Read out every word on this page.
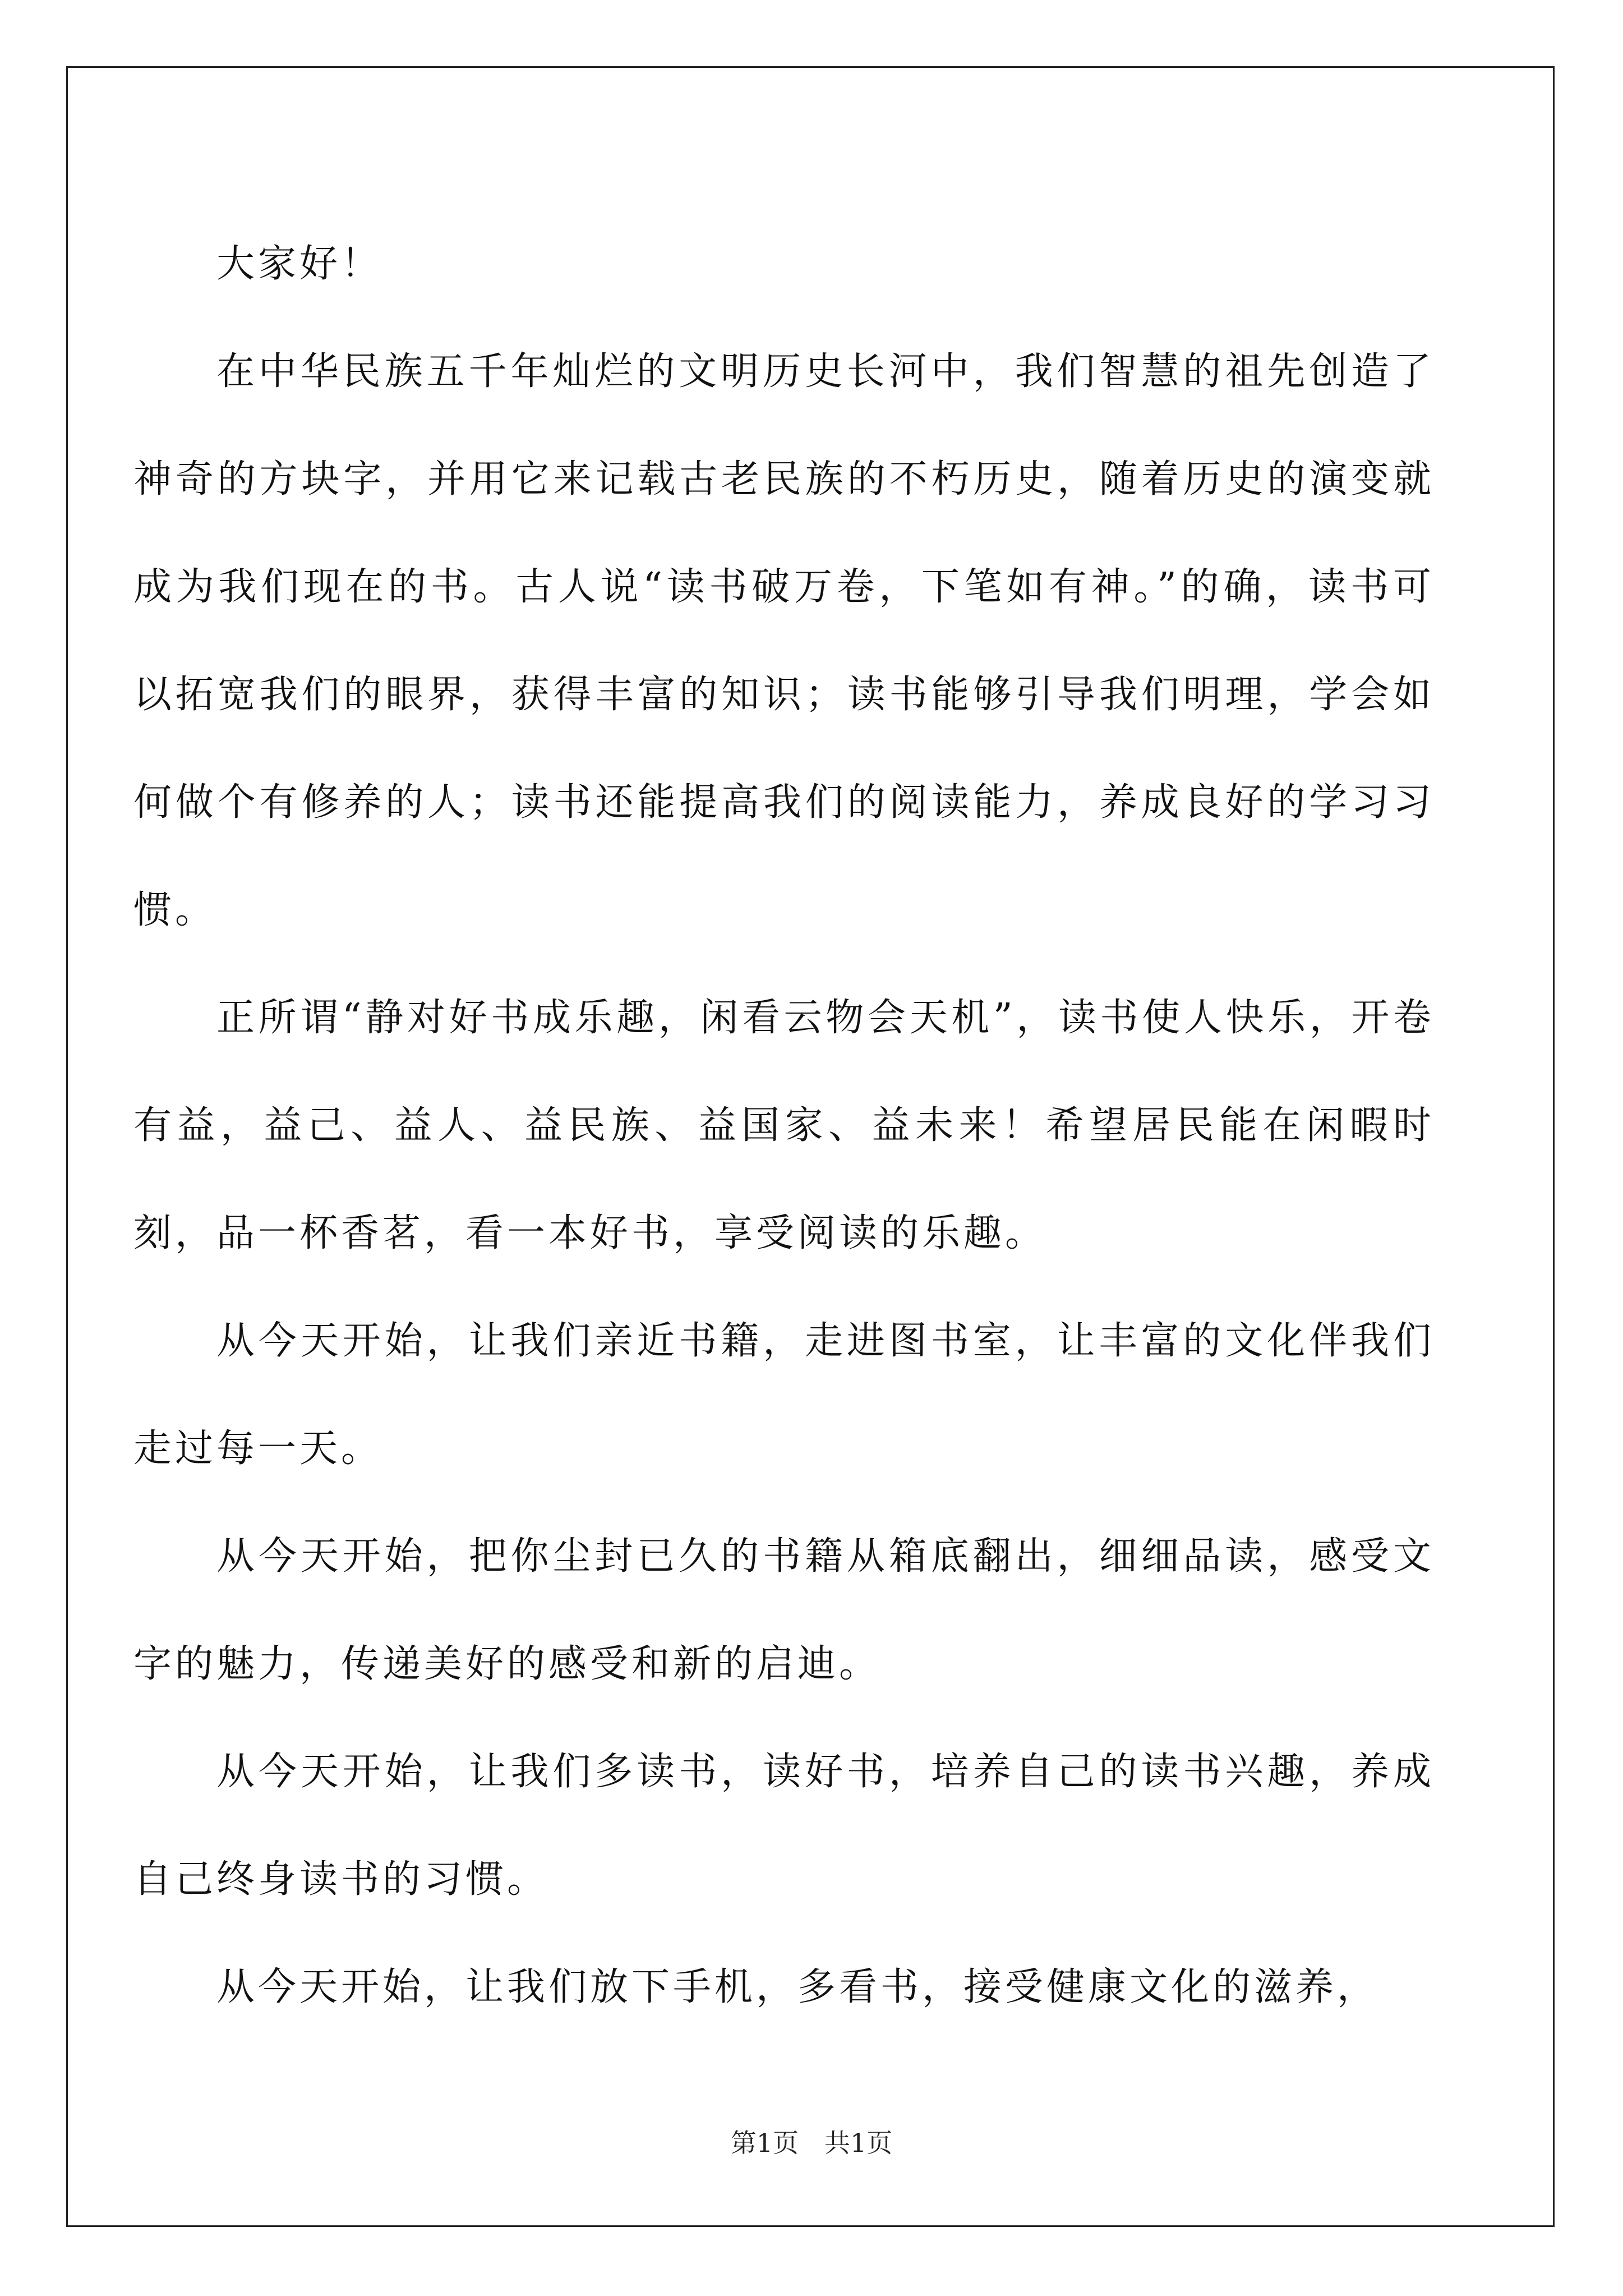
大家好！

在中华民族五千年灿烂的文明历史长河中，我们智慧的祖先创造了神奇的方块字，并用它来记载古老民族的不朽历史，随着历史的演变就成为我们现在的书。古人说“读书破万卷，下笔如有神。”的确，读书可以拓宽我们的眼界，获得丰富的知识；读书能够引导我们明理，学会如何做个有修养的人；读书还能提高我们的阅读能力，养成良好的学习习惯。

正所谓“静对好书成乐趣，闲看云物会天机”，读书使人快乐，开卷有益，益己、益人、益民族、益国家、益未来！希望居民能在闲暇时刻，品一杯香茗，看一本好书，享受阅读的乐趣。

从今天开始，让我们亲近书籍，走进图书室，让丰富的文化伴我们走过每一天。

从今天开始，把你尘封已久的书籍从箱底翻出，细细品读，感受文字的魅力，传递美好的感受和新的启迪。

从今天开始，让我们多读书，读好书，培养自己的读书兴趣，养成自己终身读书的习惯。

从今天开始，让我们放下手机，多看书，接受健康文化的滋养，

第1页 共1页
